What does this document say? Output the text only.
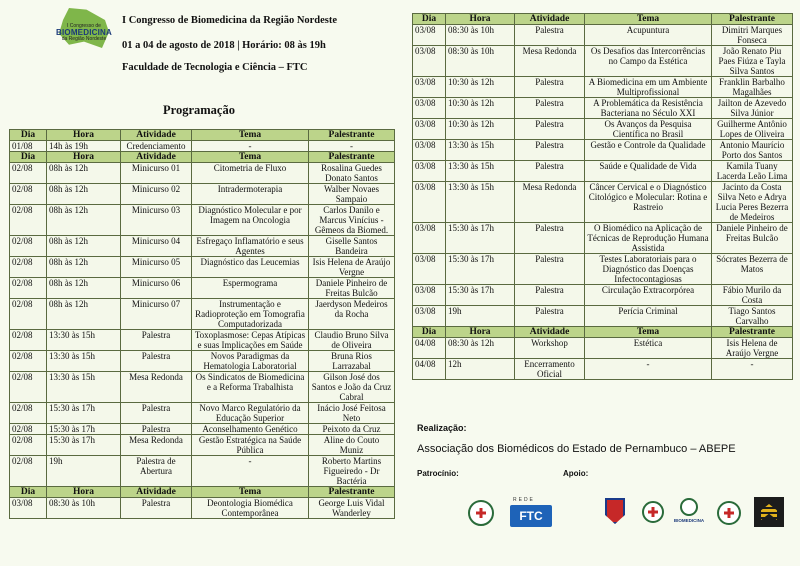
I Congresso de
BIOMEDICINA
da Região Nordeste
I Congresso de Biomedicina da Região Nordeste
01 a 04 de agosto de 2018 | Horário: 08 às 19h
Faculdade de Tecnologia e Ciência – FTC
Programação
Dia	Hora	Atividade	Tema	Palestrante
01/08	14h às 19h	Credenciamento	-	-
Dia	Hora	Atividade	Tema	Palestrante
02/08	08h às 12h	Minicurso 01	Citometria de Fluxo	Rosalina Guedes Donato Santos
02/08	08h às 12h	Minicurso 02	Intradermoterapia	Walber Novaes Sampaio
02/08	08h às 12h	Minicurso 03	Diagnóstico Molecular e por Imagem na Oncologia	Carlos Danilo e Marcus Vinícius - Gêmeos da Biomed.
02/08	08h às 12h	Minicurso 04	Esfregaço Inflamatório e seus Agentes	Giselle Santos Bandeira
02/08	08h às 12h	Minicurso 05	Diagnóstico das Leucemias	Isis Helena de Araújo Vergne
02/08	08h às 12h	Minicurso 06	Espermograma	Daniele Pinheiro de Freitas Bulcão
02/08	08h às 12h	Minicurso 07	Instrumentação e Radioproteção em Tomografia Computadorizada	Jaerdyson Medeiros da Rocha
02/08	13:30 às 15h	Palestra	Toxoplasmose: Cepas Atípicas e suas Implicações em Saúde	Claudio Bruno Silva de Oliveira
02/08	13:30 às 15h	Palestra	Novos Paradigmas da Hematologia Laboratorial	Bruna Rios Larrazabal
02/08	13:30 às 15h	Mesa Redonda	Os Sindicatos de Biomedicina e a Reforma Trabalhista	Gilson José dos Santos e João da Cruz Cabral
02/08	15:30 às 17h	Palestra	Novo Marco Regulatório da Educação Superior	Inácio José Feitosa Neto
02/08	15:30 às 17h	Palestra	Aconselhamento Genético	Peixoto da Cruz
02/08	15:30 às 17h	Mesa Redonda	Gestão Estratégica na Saúde Pública	Aline do Couto Muniz
02/08	19h	Palestra de Abertura	-	Roberto Martins Figueiredo - Dr Bactéria
Dia	Hora	Atividade	Tema	Palestrante
03/08	08:30 às 10h	Palestra	Deontologia Biomédica Contemporânea	George Luis Vidal Wanderley
Dia	Hora	Atividade	Tema	Palestrante
03/08	08:30 às 10h	Palestra	Acupuntura	Dimitri Marques Fonseca
03/08	08:30 às 10h	Mesa Redonda	Os Desafios das Intercorrências no Campo da Estética	João Renato Piu Paes Fiúza e Tayla Silva Santos
03/08	10:30 às 12h	Palestra	A Biomedicina em um Ambiente Multiprofissional	Franklin Barbalho Magalhães
03/08	10:30 às 12h	Palestra	A Problemática da Resistência Bacteriana no Século XXI	Jailton de Azevedo Silva Júnior
03/08	10:30 às 12h	Palestra	Os Avanços da Pesquisa Científica no Brasil	Guilherme Antônio Lopes de Oliveira
03/08	13:30 às 15h	Palestra	Gestão e Controle da Qualidade	Antonio Maurício Porto dos Santos
03/08	13:30 às 15h	Palestra	Saúde e Qualidade de Vida	Kamila Tuany Lacerda Leão Lima
03/08	13:30 às 15h	Mesa Redonda	Câncer Cervical e o Diagnóstico Citológico e Molecular: Rotina e Rastreio	Jacinto da Costa Silva Neto e Adrya Lucia Peres Bezerra de Medeiros
03/08	15:30 às 17h	Palestra	O Biomédico na Aplicação de Técnicas de Reprodução Humana Assistida	Daniele Pinheiro de Freitas Bulcão
03/08	15:30 às 17h	Palestra	Testes Laboratoriais para o Diagnóstico das Doenças Infectocontagiosas	Sócrates Bezerra de Matos
03/08	15:30 às 17h	Palestra	Circulação Extracorpórea	Fábio Murilo da Costa
03/08	19h	Palestra	Perícia Criminal	Tiago Santos Carvalho
Dia	Hora	Atividade	Tema	Palestrante
04/08	08:30 às 12h	Workshop	Estética	Isis Helena de Araújo Vergne
04/08	12h	Encerramento Oficial	-	-
Realização:
Associação dos Biomédicos do Estado de Pernambuco – ABEPE
Patrocínio:	Apoio:
REDE
FTC	BIOMEDICINA
